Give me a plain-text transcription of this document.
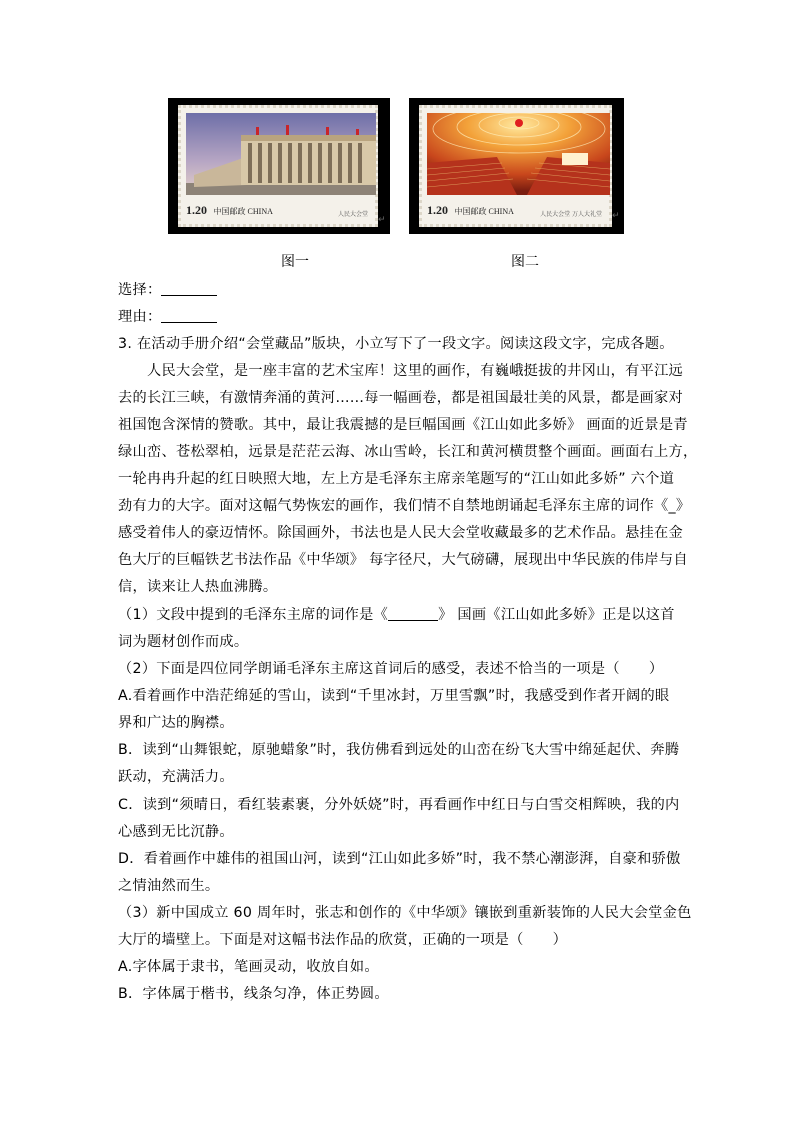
1.20 中国邮政 CHINA	人民大会堂
↵
1.20 中国邮政 CHINA	人民大会堂 万人大礼堂 ↵
图一	图二
选择：
理由：
3. 在活动手册介绍“会堂藏品”版块，小立写下了一段文字。阅读这段文字，完成各题。
人民大会堂，是一座丰富的艺术宝库！这里的画作，有巍峨挺拔的井冈山，有平江远
去的长江三峡，有激情奔涌的黄河……每一幅画卷，都是祖国最壮美的风景，都是画家对
祖国饱含深情的赞歌。其中，最让我震撼的是巨幅国画《江山如此多娇》 画面的近景是青
绿山峦、苍松翠柏，远景是茫茫云海、冰山雪岭，长江和黄河横贯整个画面。画面右上方，
一轮冉冉升起的红日映照大地，左上方是毛泽东主席亲笔题写的“江山如此多娇” 六个道
劲有力的大字。面对这幅气势恢宏的画作，我们情不自禁地朗诵起毛泽东主席的词作《_》
感受着伟人的豪迈情怀。除国画外，书法也是人民大会堂收藏最多的艺术作品。悬挂在金
色大厅的巨幅铁艺书法作品《中华颂》 每字径尺，大气磅礴，展现出中华民族的伟岸与自
信，读来让人热血沸腾。
（1）文段中提到的毛泽东主席的词作是《	》 国画《江山如此多娇》正是以这首
词为题材创作而成。
（2）下面是四位同学朗诵毛泽东主席这首词后的感受，表述不恰当的一项是（　　）
A.看着画作中浩茫绵延的雪山，读到“千里冰封，万里雪飘”时，我感受到作者开阔的眼
界和广达的胸襟。
B．读到“山舞银蛇，原驰蜡象”时，我仿佛看到远处的山峦在纷飞大雪中绵延起伏、奔腾
跃动，充满活力。
C．读到“须晴日，看红装素裹，分外妖娆”时，再看画作中红日与白雪交相辉映，我的内
心感到无比沉静。
D．看着画作中雄伟的祖国山河，读到“江山如此多娇”时，我不禁心潮澎湃，自豪和骄傲
之情油然而生。
（3）新中国成立 60 周年时，张志和创作的《中华颂》镶嵌到重新装饰的人民大会堂金色
大厅的墙壁上。下面是对这幅书法作品的欣赏，正确的一项是（　　）
A.字体属于隶书，笔画灵动，收放自如。
B．字体属于楷书，线条匀净，体正势圆。
